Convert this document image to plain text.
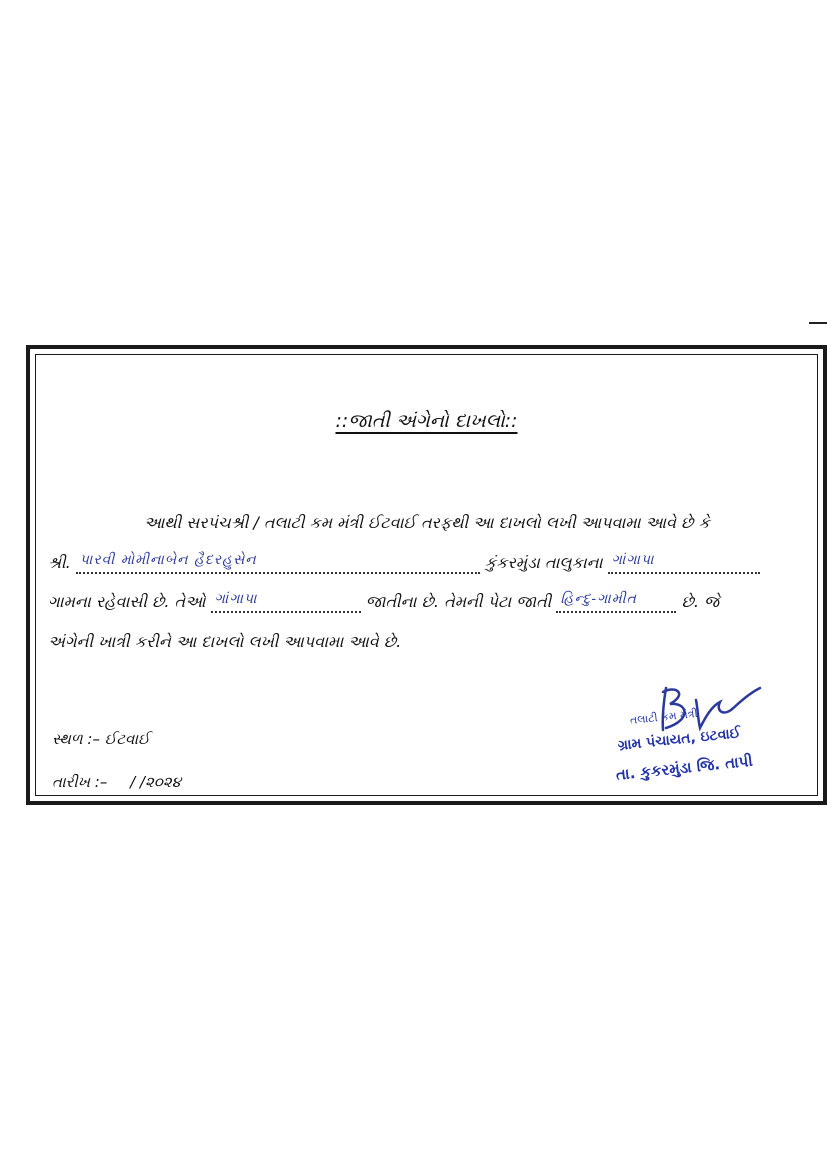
::જાતી અંગેનો દાખલો::
આથી સરપંચશ્રી / તલાટી કમ મંત્રી ઈટવાઈ તરફથી આ દાખલો લખી આપવામા આવે છે કે
શ્રી. પારવી મોમીનાબેન હૈદરહુસેન	કુંકરમુંડા તાલુકાના ગાંગાપા
ગામના રહેવાસી છે. તેઓ ગાંગાપા	જાતીના છે. તેમની પેટા જાતી હિન્દુ-ગામીત	છે. જે
અંગેની ખાત્રી કરીને આ દાખલો લખી આપવામા આવે છે.
સ્થળ :– ઈટવાઈ
તારીખ :– / /૨૦૨૪
તલાટી કમ મંત્રી
ગ્રામ પંચાયત, ઇટવાઈ
તા. કુકરમુંડા જિ. તાપી
